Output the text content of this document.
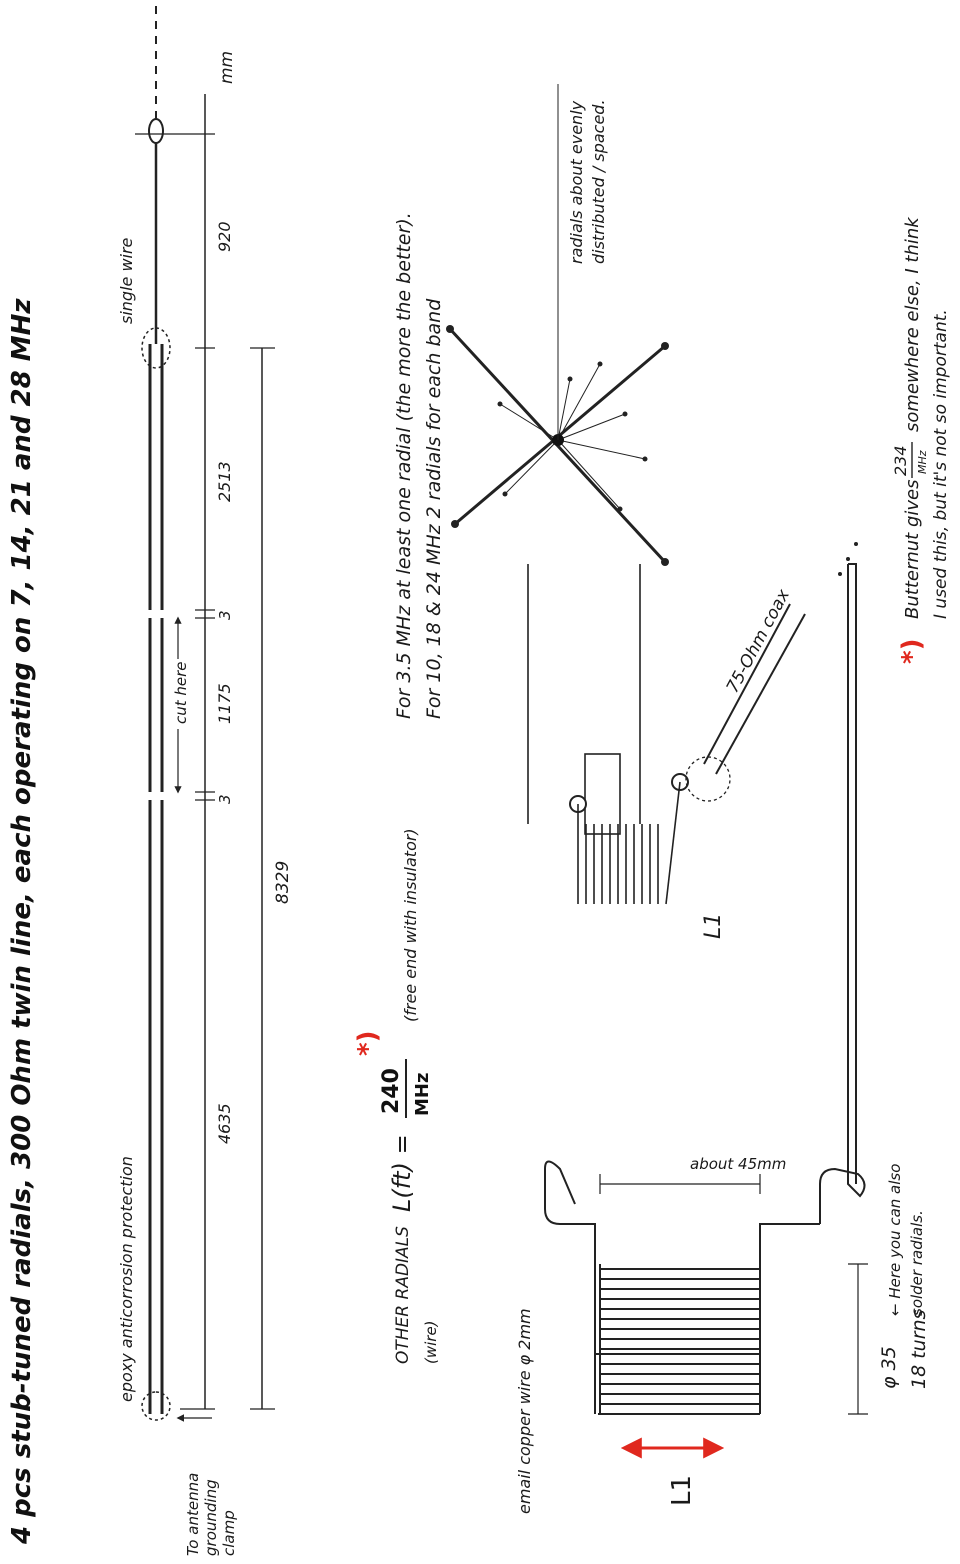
4 pcs stub-tuned radials, 300 Ohm twin line, each operating on 7, 14, 21 and 28 MHz	epoxy anticorrosion protection
single wire
cut here
4635
3
1175
3
2513
920
mm
8329
To antenna grounding clamp
OTHER RADIALS (wire)
L(ft) =
240 MHz
*)
(free end with insulator)
For 3.5 MHz at least one radial (the more the better). For 10, 18 & 24 MHz 2 radials for each band
radials about evenly distributed / spaced.
75-Ohm coax
L1
email copper wire φ 2mm
about 45mm
φ 35 18 turns
← Here you can also solder radials.
L1
*)
Butternut gives
234 MHz
somewhere else, I think I used this, but it's not so important.
